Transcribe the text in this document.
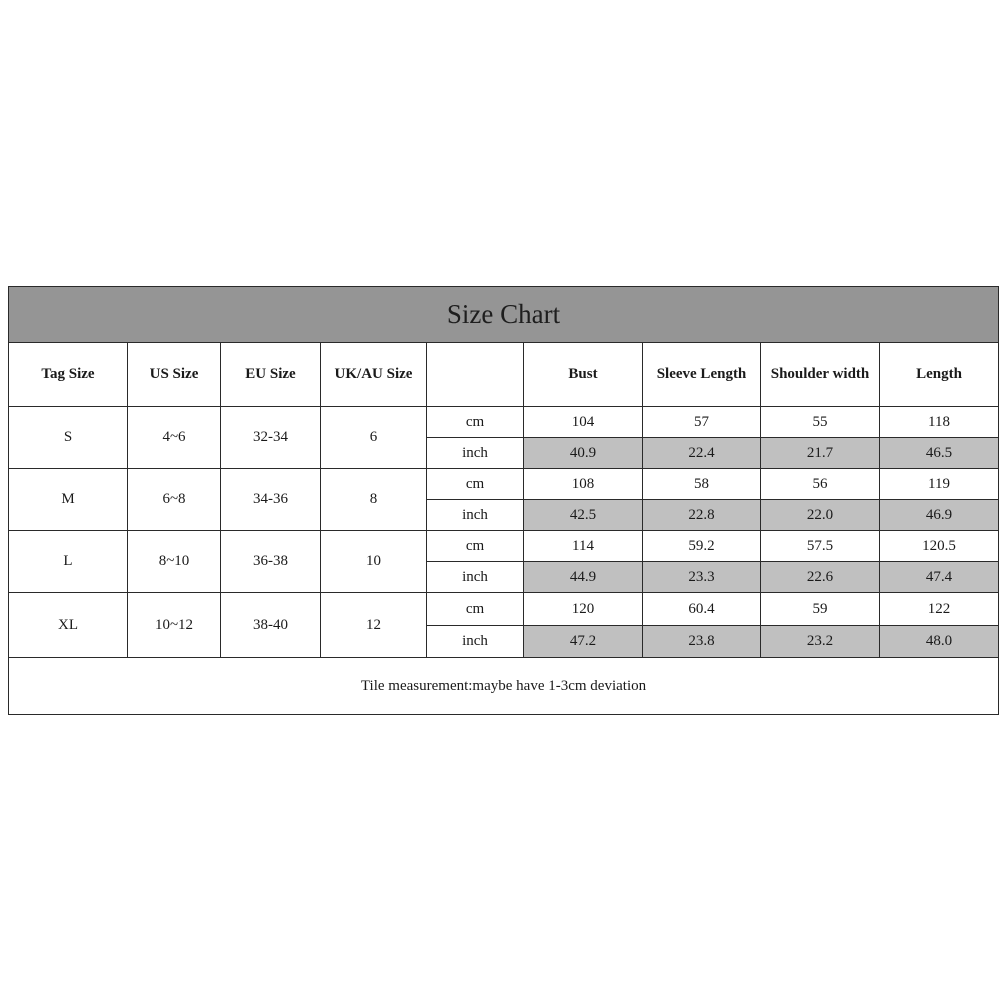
Size Chart								
Tag Size	US Size	EU Size	UK/AU Size		Bust	Sleeve Length	Shoulder width	Length
S	4~6	32-34	6	cm	104	57	55	118
				inch	40.9	22.4	21.7	46.5
M	6~8	34-36	8	cm	108	58	56	119
				inch	42.5	22.8	22.0	46.9
L	8~10	36-38	10	cm	114	59.2	57.5	120.5
				inch	44.9	23.3	22.6	47.4
XL	10~12	38-40	12	cm	120	60.4	59	122
				inch	47.2	23.8	23.2	48.0
Tile measurement:maybe have 1-3cm deviation								
